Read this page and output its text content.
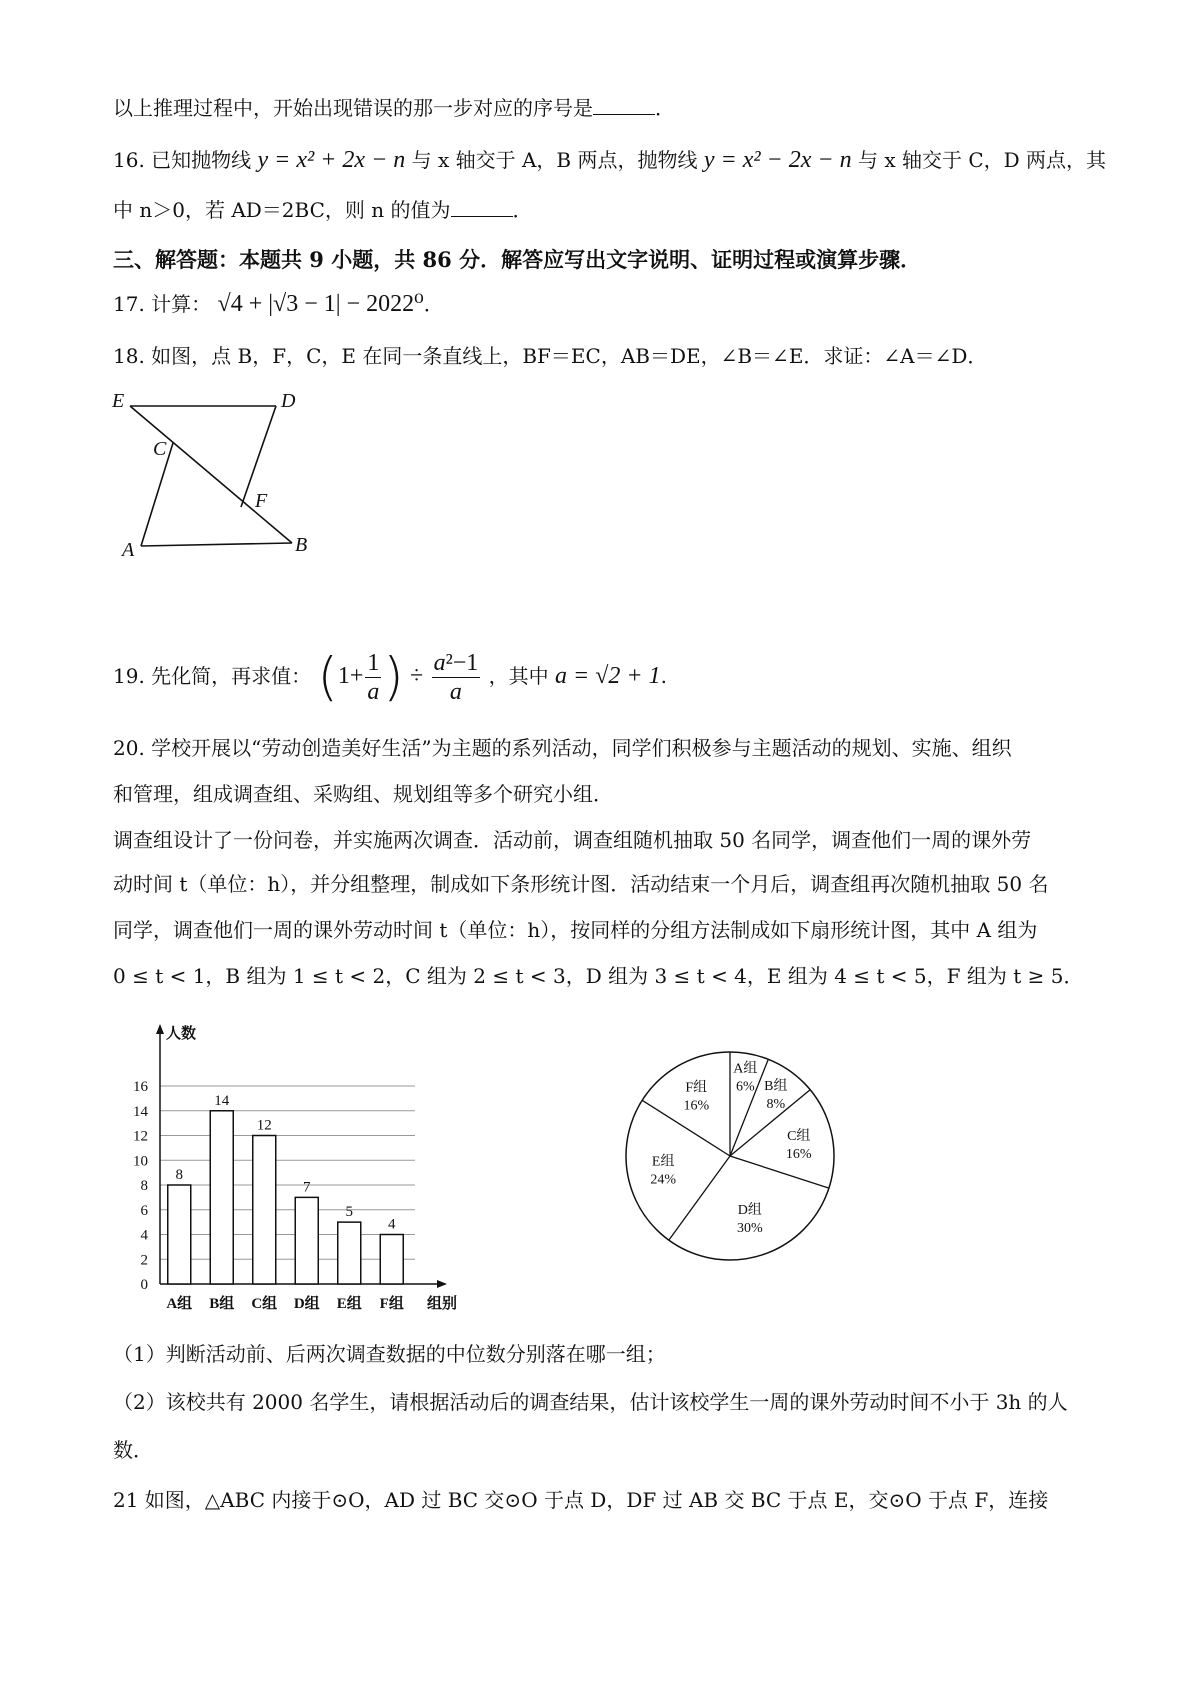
以上推理过程中，开始出现错误的那一步对应的序号是	．
16. 已知抛物线 y = x² + 2x − n 与 x 轴交于 A，B 两点，抛物线 y = x² − 2x − n 与 x 轴交于 C，D 两点，其
中 n＞0，若 AD＝2BC，则 n 的值为	．
三、解答题：本题共 9 小题，共 86 分．解答应写出文字说明、证明过程或演算步骤．
17. 计算： √4 + |√3 − 1| − 2022⁰．
18. 如图，点 B，F，C，E 在同一条直线上，BF＝EC，AB＝DE，∠B＝∠E．求证：∠A＝∠D．
E	D
C
F
A	B
19. 先化简，再求值： ($1+ \frac{1}{a}$ ) ÷ $\frac{\text{a²−1}}{a}$ ，其中 a = √2 + 1.
20. 学校开展以“劳动创造美好生活”为主题的系列活动，同学们积极参与主题活动的规划、实施、组织
和管理，组成调查组、采购组、规划组等多个研究小组．
调查组设计了一份问卷，并实施两次调查．活动前，调查组随机抽取 50 名同学，调查他们一周的课外劳
动时间 t（单位：h），并分组整理，制成如下条形统计图．活动结束一个月后，调查组再次随机抽取 50 名
同学，调查他们一周的课外劳动时间 t（单位：h），按同样的分组方法制成如下扇形统计图，其中 A 组为
0 ≤ t < 1，B 组为 1 ≤ t < 2，C 组为 2 ≤ t < 3，D 组为 3 ≤ t < 4，E 组为 4 ≤ t < 5，F 组为 t ≥ 5．
0
2
4
6
8
10
12
14
16
人数
组别
8
A组
14
B组
12
C组
7
D组
5
E组
4
F组
A组
6% B组
8%
C组
16%
D组
30%
E组
24%
F组
16%
（1）判断活动前、后两次调查数据的中位数分别落在哪一组；
（2）该校共有 2000 名学生，请根据活动后的调查结果，估计该校学生一周的课外劳动时间不小于 3h 的人
数．
21 如图，△ABC 内接于⊙O，AD 过 BC 交⊙O 于点 D，DF 过 AB 交 BC 于点 E，交⊙O 于点 F，连接
